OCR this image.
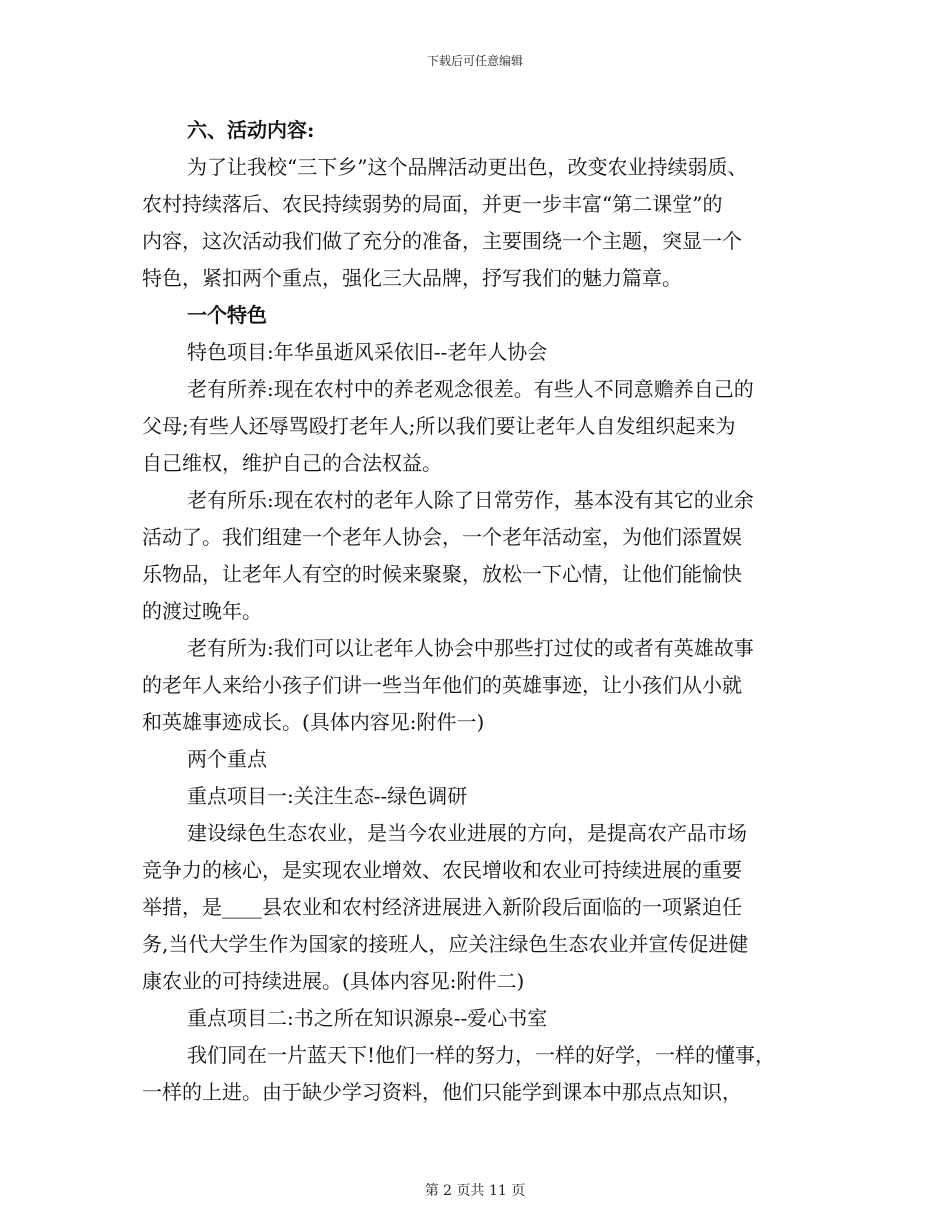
下载后可任意编辑
六、活动内容:
为了让我校“三下乡”这个品牌活动更出色，改变农业持续弱质、
农村持续落后、农民持续弱势的局面，并更一步丰富“第二课堂”的
内容，这次活动我们做了充分的准备，主要围绕一个主题，突显一个
特色，紧扣两个重点，强化三大品牌，抒写我们的魅力篇章。
一个特色
特色项目:年华虽逝风采依旧--老年人协会
老有所养:现在农村中的养老观念很差。有些人不同意赡养自己的
父母;有些人还辱骂殴打老年人;所以我们要让老年人自发组织起来为
自己维权，维护自己的合法权益。
老有所乐:现在农村的老年人除了日常劳作，基本没有其它的业余
活动了。我们组建一个老年人协会，一个老年活动室，为他们添置娱
乐物品，让老年人有空的时候来聚聚，放松一下心情，让他们能愉快
的渡过晚年。
老有所为:我们可以让老年人协会中那些打过仗的或者有英雄故事
的老年人来给小孩子们讲一些当年他们的英雄事迹，让小孩们从小就
和英雄事迹成长。(具体内容见:附件一)
两个重点
重点项目一:关注生态--绿色调研
建设绿色生态农业，是当今农业进展的方向，是提高农产品市场
竞争力的核心，是实现农业增效、农民增收和农业可持续进展的重要
举措，是____县农业和农村经济进展进入新阶段后面临的一项紧迫任
务,当代大学生作为国家的接班人，应关注绿色生态农业并宣传促进健
康农业的可持续进展。(具体内容见:附件二)
重点项目二:书之所在知识源泉--爱心书室
我们同在一片蓝天下!他们一样的努力，一样的好学，一样的懂事，
一样的上进。由于缺少学习资料，他们只能学到课本中那点点知识，
第 2 页共 11 页
